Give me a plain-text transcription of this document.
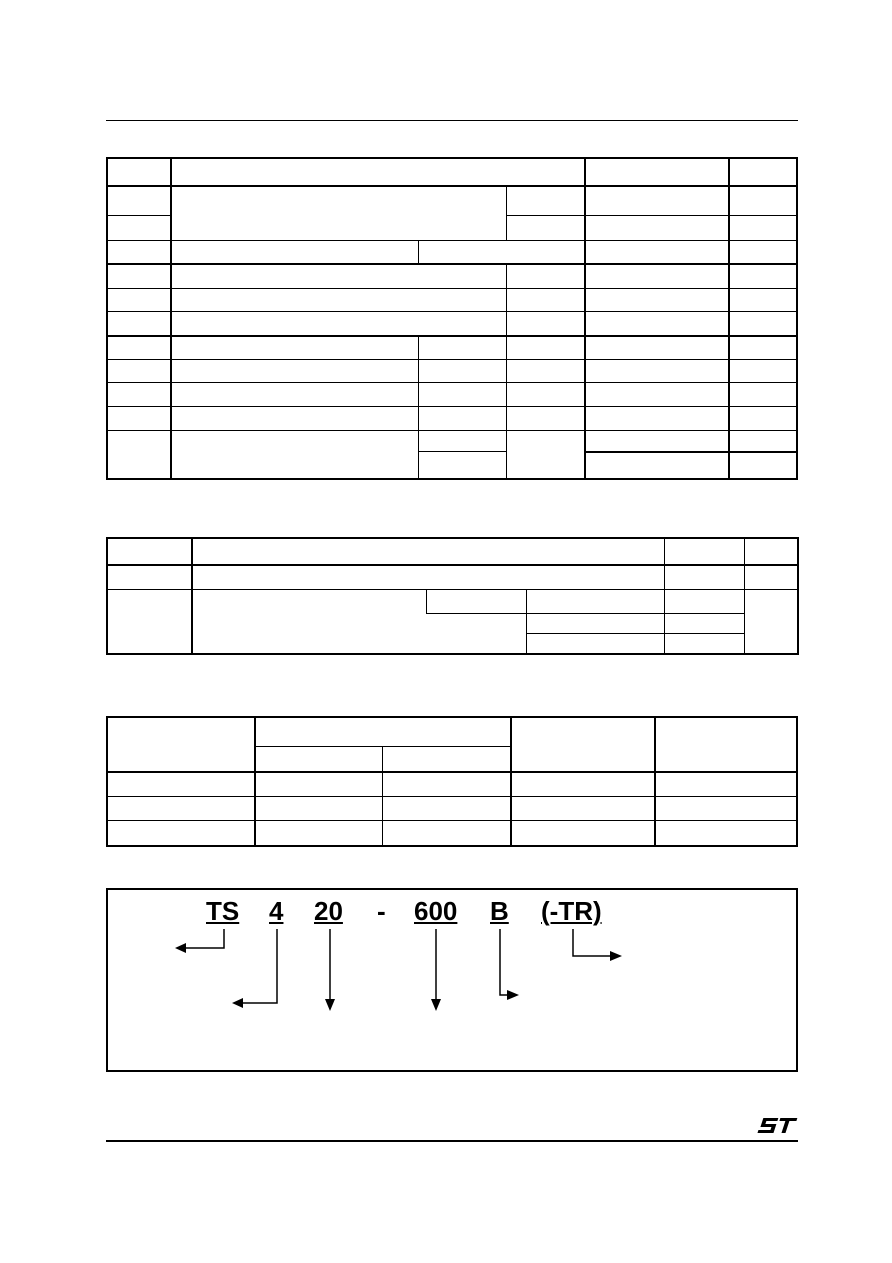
TS 4 20 - 600 B (-TR)
